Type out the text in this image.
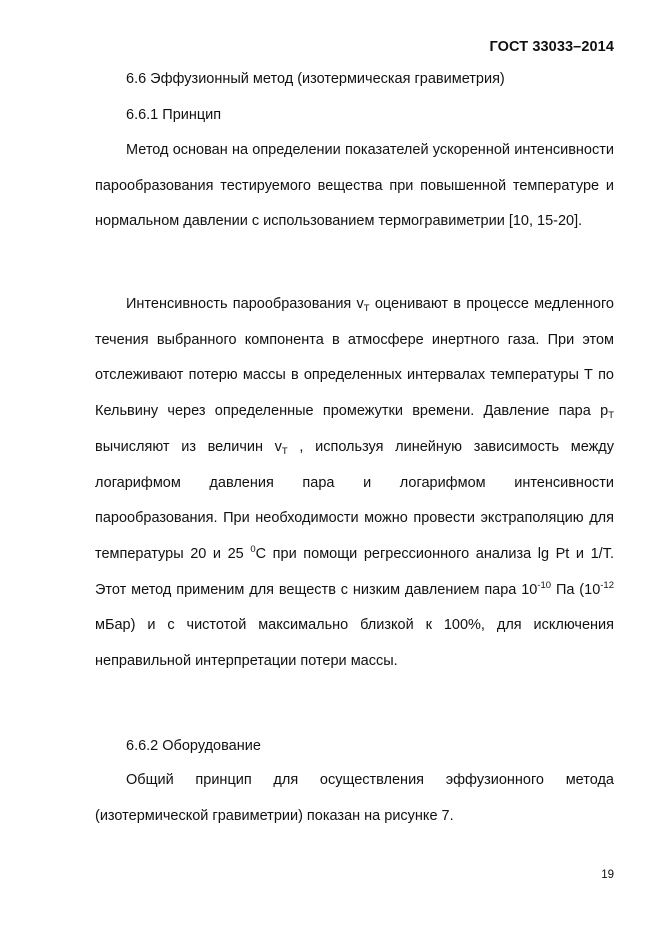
ГОСТ 33033–2014
6.6 Эффузионный метод (изотермическая гравиметрия)
6.6.1 Принцип
Метод основан на определении показателей ускоренной интенсивности парообразования тестируемого вещества при повышенной температуре и нормальном давлении с использованием термогравиметрии [10, 15-20].
Интенсивность парообразования $v_T$ оценивают в процессе медленного течения выбранного компонента в атмосфере инертного газа. При этом отслеживают потерю массы в определенных интервалах температуры Т по Кельвину через определенные промежутки времени. Давление пара $p_T$ вычисляют из величин $v_T$ , используя линейную зависимость между логарифмом давления пара и логарифмом интенсивности парообразования. При необходимости можно провести экстраполяцию для температуры 20 и 25 $^0$С при помощи регрессионного анализа lg Pt и 1/T. Этот метод применим для веществ с низким давлением пара $10^{-10}$ Па ($10^{-12}$ мБар) и с чистотой максимально близкой к 100%, для исключения неправильной интерпретации потери массы.
6.6.2 Оборудование
Общий принцип для осуществления эффузионного метода (изотермической гравиметрии) показан на рисунке 7.
19
